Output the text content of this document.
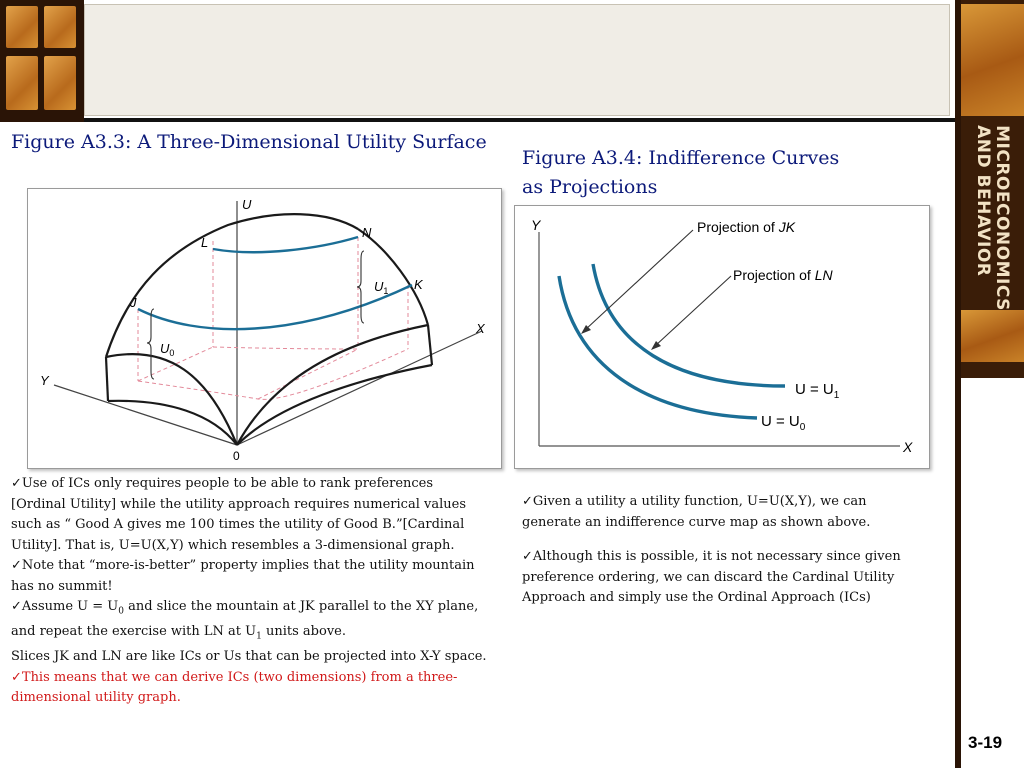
MICROECONOMICS
AND BEHAVIOR
3-19
Figure A3.3: A Three-Dimensional Utility Surface
U
X
Y
0
L
N
K
J
$U_1$
$U_0$
Figure A3.4: Indifference Curves
as Projections
Y
X
Projection of JK
Projection of LN
$U = U_1$
$U = U_0$

✓Use of ICs only requires people to be able to rank preferences [Ordinal Utility] while the utility approach requires numerical values such as “ Good A gives me 100 times the utility of Good B.”[Cardinal Utility]. That is, U=U(X,Y) which resembles a 3-dimensional graph.

✓Note that “more-is-better” property implies that the utility mountain has no summit!

✓Assume $U = U_0$ and slice the mountain at JK parallel to the XY plane, and repeat the exercise with LN at $U_1$ units above.

Slices JK and LN are like ICs or Us that can be projected into X-Y space.

✓This means that we can derive ICs (two dimensions) from a three-dimensional utility graph.

✓Given a utility a utility function, U=U(X,Y), we can generate an indifference curve map as shown above.

✓Although this is possible, it is not necessary since given preference ordering, we can discard the Cardinal Utility Approach and simply use the Ordinal Approach (ICs)
